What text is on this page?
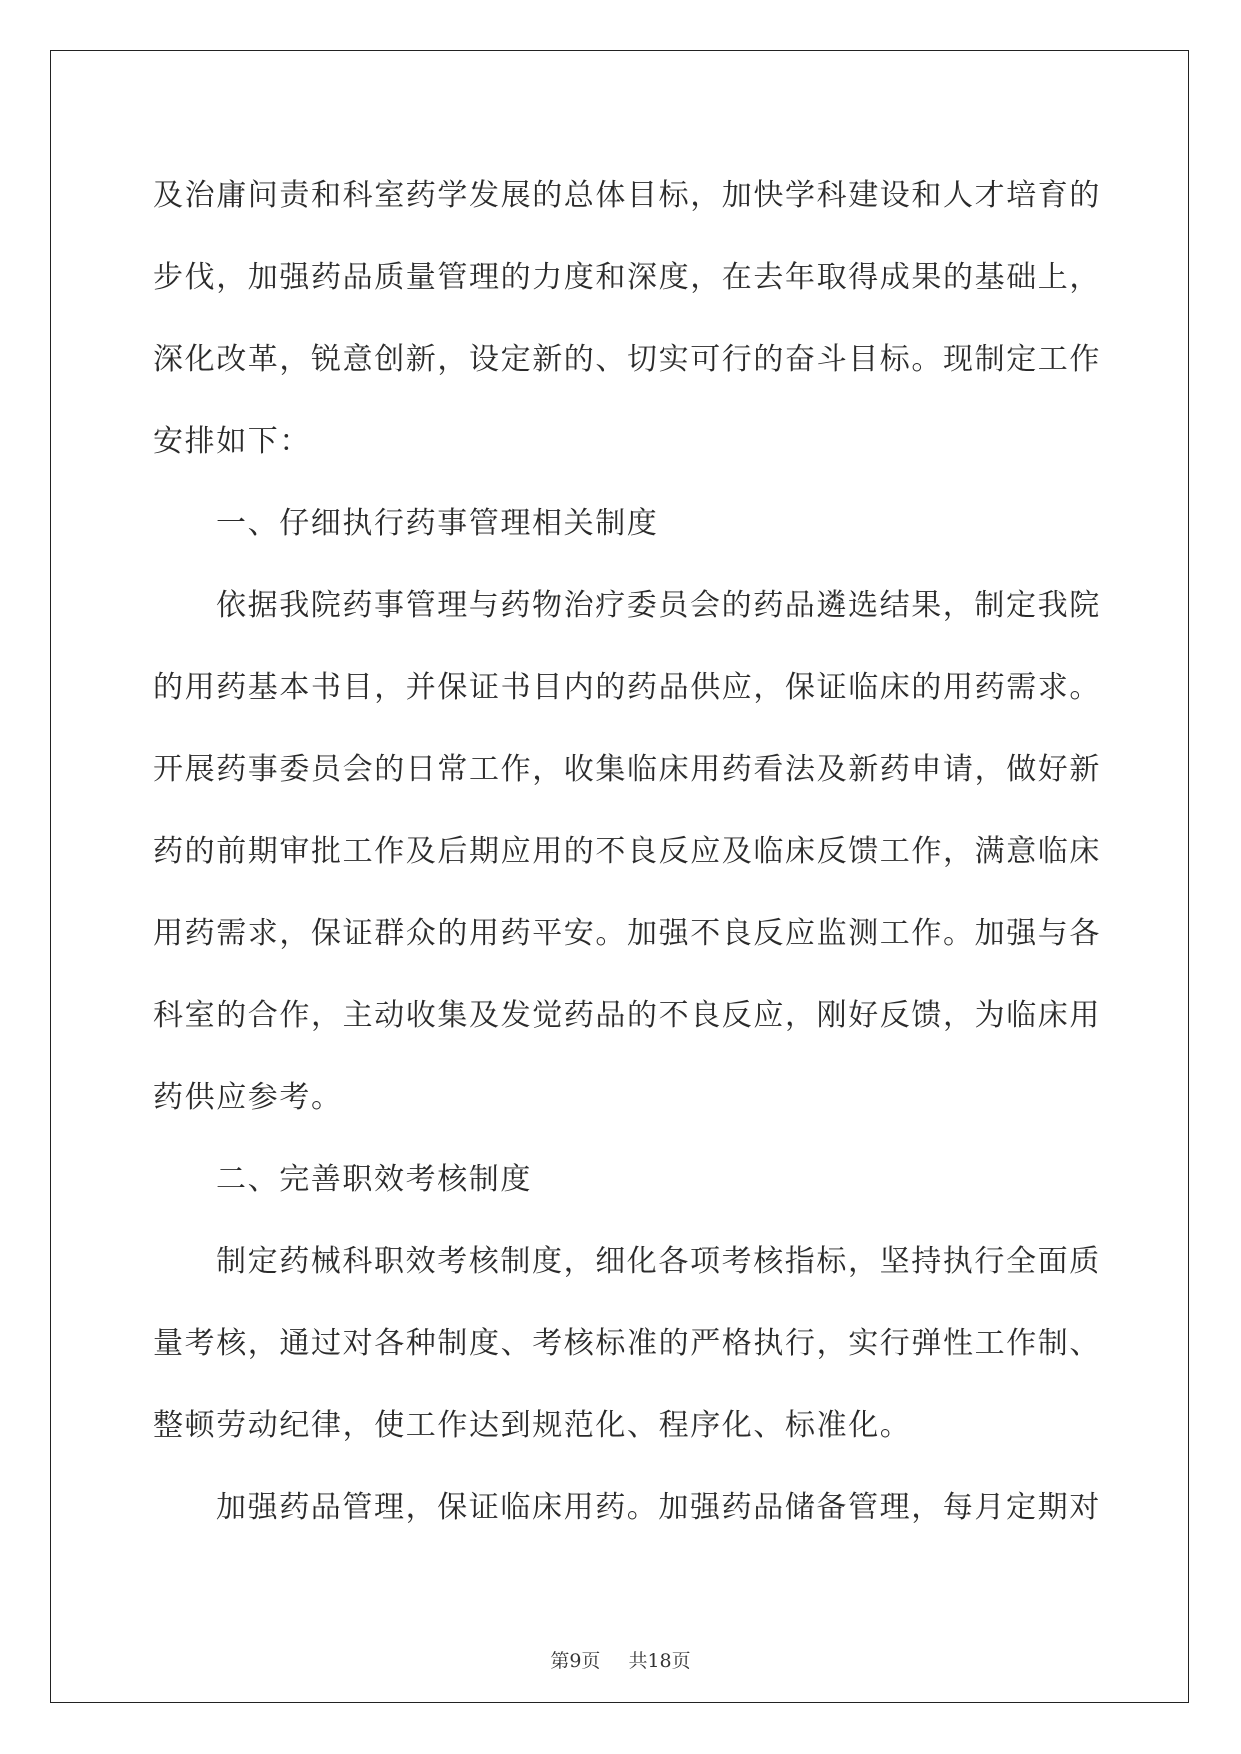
及治庸问责和科室药学发展的总体目标，加快学科建设和人才培育的
步伐，加强药品质量管理的力度和深度，在去年取得成果的基础上，
深化改革，锐意创新，设定新的、切实可行的奋斗目标。现制定工作
安排如下：
一、仔细执行药事管理相关制度
依据我院药事管理与药物治疗委员会的药品遴选结果，制定我院
的用药基本书目，并保证书目内的药品供应，保证临床的用药需求。
开展药事委员会的日常工作，收集临床用药看法及新药申请，做好新
药的前期审批工作及后期应用的不良反应及临床反馈工作，满意临床
用药需求，保证群众的用药平安。加强不良反应监测工作。加强与各
科室的合作，主动收集及发觉药品的不良反应，刚好反馈，为临床用
药供应参考。
二、完善职效考核制度
制定药械科职效考核制度，细化各项考核指标，坚持执行全面质
量考核，通过对各种制度、考核标准的严格执行，实行弹性工作制、
整顿劳动纪律，使工作达到规范化、程序化、标准化。
加强药品管理，保证临床用药。加强药品储备管理，每月定期对
第9页 共18页
